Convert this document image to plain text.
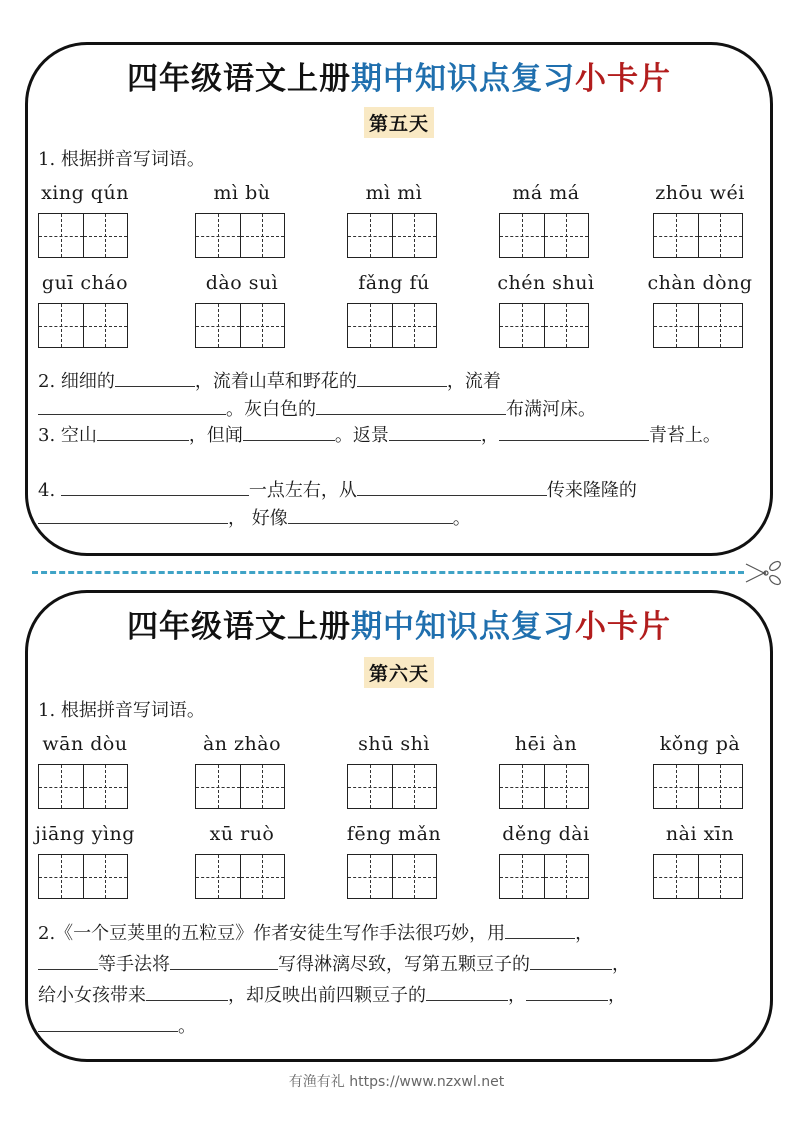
四年级语文上册期中知识点复习小卡片
第五天
1. 根据拼音写词语。
xing qún	mì bù	mì mì	má má	zhōu wéi
guī cháo	dào suì	fǎng fú	chén shuì	chàn dòng
2. 细细的	，流着山草和野花的	，流着
。灰白色的	布满河床。
3. 空山	，但闻	。返景	，	青苔上。
4.	一点左右，从	传来隆隆的
， 好像	。
四年级语文上册期中知识点复习小卡片
第六天
1. 根据拼音写词语。
wān dòu	àn zhào	shū shì	hēi àn	kǒng pà
jiāng yìng	xū ruò	fēng mǎn	děng dài	nài xīn
2.《一个豆荚里的五粒豆》作者安徒生写作手法很巧妙，用	，
等手法将	写得淋漓尽致，写第五颗豆子的	，
给小女孩带来	，却反映出前四颗豆子的	，	，
。
有渔有礼 https://www.nzxwl.net
